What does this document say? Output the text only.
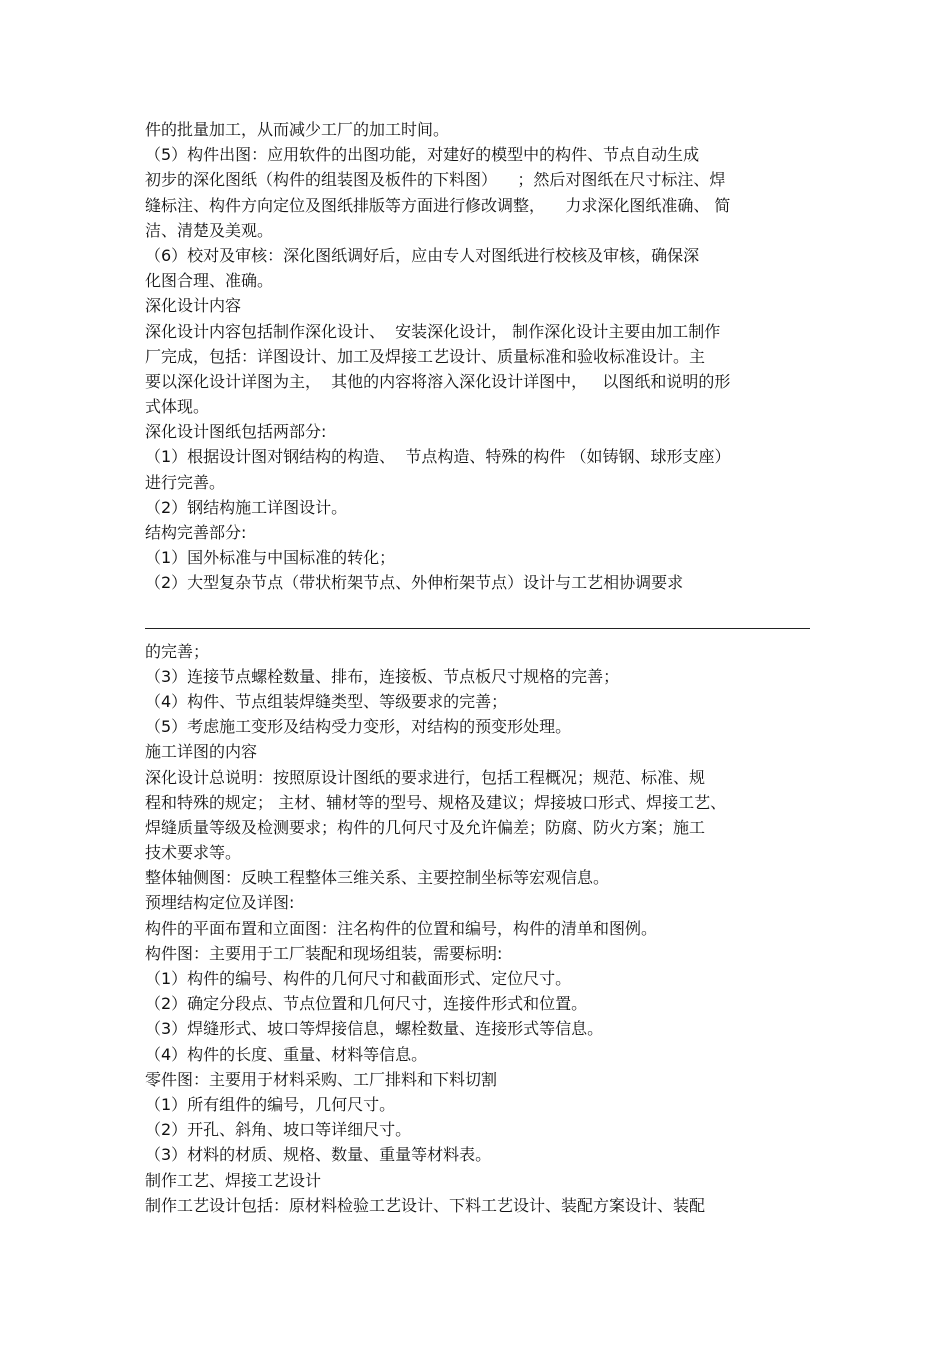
件的批量加工，从而减少工厂的加工时间。
（5）构件出图：应用软件的出图功能，对建好的模型中的构件、节点自动生成
初步的深化图纸（构件的组装图及板件的下料图）    ；然后对图纸在尺寸标注、焊
缝标注、构件方向定位及图纸排版等方面进行修改调整，    力求深化图纸准确、 简
洁、清楚及美观。
（6）校对及审核：深化图纸调好后，应由专人对图纸进行校核及审核，确保深
化图合理、准确。
深化设计内容
深化设计内容包括制作深化设计、  安装深化设计， 制作深化设计主要由加工制作
厂完成，包括：详图设计、加工及焊接工艺设计、质量标准和验收标准设计。主
要以深化设计详图为主，  其他的内容将溶入深化设计详图中，   以图纸和说明的形
式体现。
深化设计图纸包括两部分:
（1）根据设计图对钢结构的构造、  节点构造、特殊的构件 （如铸钢、球形支座）
进行完善。
（2）钢结构施工详图设计。
结构完善部分:
（1）国外标准与中国标准的转化；
（2）大型复杂节点（带状桁架节点、外伸桁架节点）设计与工艺相协调要求
的完善；
（3）连接节点螺栓数量、排布，连接板、节点板尺寸规格的完善；
（4）构件、节点组装焊缝类型、等级要求的完善；
（5）考虑施工变形及结构受力变形，对结构的预变形处理。
施工详图的内容
深化设计总说明：按照原设计图纸的要求进行，包括工程概况；规范、标准、规
程和特殊的规定； 主材、辅材等的型号、规格及建议；焊接坡口形式、焊接工艺、
焊缝质量等级及检测要求；构件的几何尺寸及允许偏差；防腐、防火方案；施工
技术要求等。
整体轴侧图：反映工程整体三维关系、主要控制坐标等宏观信息。
预埋结构定位及详图:
构件的平面布置和立面图：注名构件的位置和编号，构件的清单和图例。
构件图：主要用于工厂装配和现场组装，需要标明:
（1）构件的编号、构件的几何尺寸和截面形式、定位尺寸。
（2）确定分段点、节点位置和几何尺寸，连接件形式和位置。
（3）焊缝形式、坡口等焊接信息，螺栓数量、连接形式等信息。
（4）构件的长度、重量、材料等信息。
零件图：主要用于材料采购、工厂排料和下料切割
（1）所有组件的编号，几何尺寸。
（2）开孔、斜角、坡口等详细尺寸。
（3）材料的材质、规格、数量、重量等材料表。
制作工艺、焊接工艺设计
制作工艺设计包括：原材料检验工艺设计、下料工艺设计、装配方案设计、装配
